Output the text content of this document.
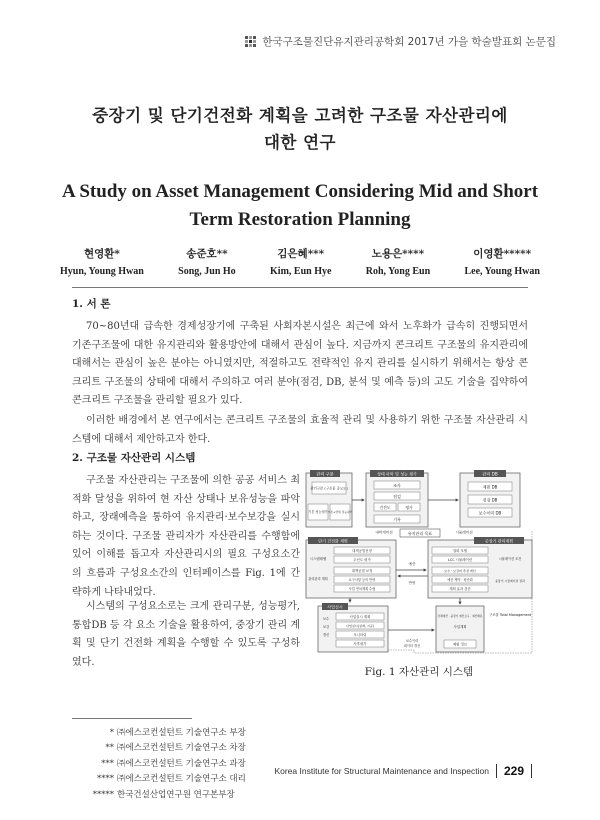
한국구조물진단유지관리공학회 2017년 가을 학술발표회 논문집
중장기 및 단기건전화 계획을 고려한 구조물 자산관리에
대한 연구
A Study on Asset Management Considering Mid and Short
Term Restoration Planning
현영환*
Hyun, Young Hwan
송준호**
Song, Jun Ho
김은혜***
Kim, Eun Hye
노용은****
Roh, Yong Eun
이영환*****
Lee, Young Hwan
1. 서 론
70~80년대 급속한 경제성장기에 구축된 사회자본시설은 최근에 와서 노후화가 급속히 진행되면서 기존구조물에 대한 유지관리와 활용방안에 대해서 관심이 높다. 지금까지 콘크리트 구조물의 유지관리에 대해서는 관심이 높은 분야는 아니였지만, 적절하고도 전략적인 유지 관리를 실시하기 위해서는 항상 콘크리트 구조물의 상태에 대해서 주의하고 여러 분야(점검, DB, 분석 및 예측 등)의 고도 기술을 집약하여 콘크리트 구조물을 관리할 필요가 있다.
이러한 배경에서 본 연구에서는 콘크리트 구조물의 효율적 관리 및 사용하기 위한 구조물 자산관리 시스템에 대해서 제안하고자 한다.
2. 구조물 자산관리 시스템
구조물 자산관리는 구조물에 의한 공공 서비스 최적화 달성을 위하여 현 자산 상태나 보유성능을 파악하고, 장래예측을 통하여 유지관리·보수보강을 실시하는 것이다. 구조물 관리자가 자산관리를 수행함에 있어 이해를 돕고자 자산관리시의 필요 구성요소간의 흐름과 구성요소간의 인터페이스를 Fig. 1에 간략하게 나타내었다.
시스템의 구성요소로는 크게 관리구분, 성능평가, 통합DB 등 각 요소 기술을 활용하여, 중장기 관리 계획 및 단기 건전화 계획을 수행할 수 있도록 구성하였다.
관리 구분
관리구분 (구조물 중요도)
기본 성능평가 기본+상세 성능평가
상태 파악 및 성능 평가
조사
점검
건전도	평가
기록
관리 DB
제원 DB
점검 DB
보수이력 DB
내비게이션	유지관리 목표	시뮬레이션
단기 건전화 계획
시스템레벨
대책공법선정
우선도 평가
관리관리 계획
대책공법 보정
요구사항 등의 반영
사업 연차계획 수립
중장기 관리계획
열화 모델
LCC 시뮬레이션
보수 · 보강비 추정 계산
예산 제약 · 평준화
계획 효과 검증
시뮬레이션 조건
중장기 시뮬레이션 결과
예산
반영
사업실시
보수
보강
갱신
사업실시 계획
사업실시(설계, 시공)
모니터링
사후평가
전체예산 · 중장기 예산요구 · 예산배분
사업계획
제원 정보
구조물 Total Management
보수이력
데이터 갱신
Fig. 1 자산관리 시스템
* ㈜에스코컨설턴트 기술연구소 부장
** ㈜에스코컨설턴트 기술연구소 차장
*** ㈜에스코컨설턴트 기술연구소 과장
**** ㈜에스코컨설턴트 기술연구소 대리
***** 한국건설산업연구원 연구본부장
Korea Institute for Structural Maintenance and Inspection 229
